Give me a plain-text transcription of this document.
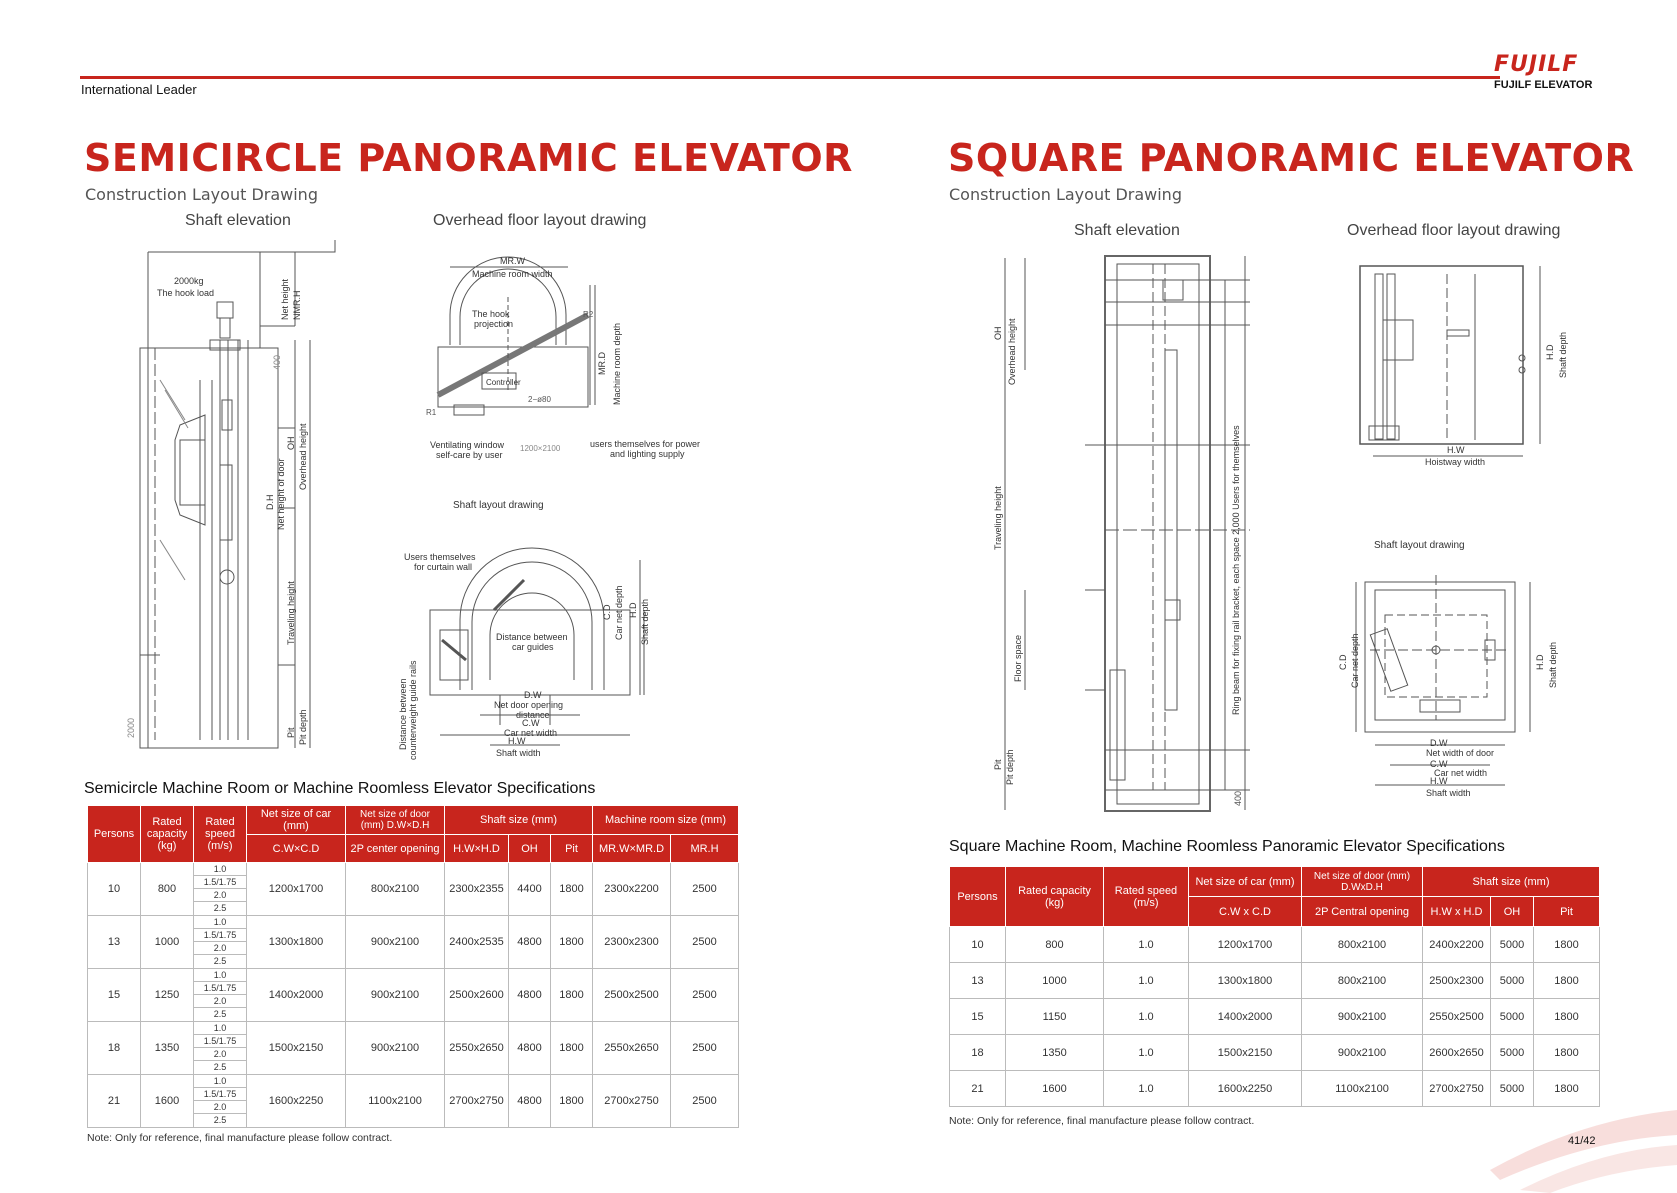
International Leader
FUJILF
FUJILF ELEVATOR
SEMICIRCLE PANORAMIC ELEVATOR
Construction Layout Drawing
Shaft elevation	Overhead floor layout drawing
Shaft layout drawing
2000kg
The hook load	Net height NMR.H
400
OH Overhead height
D.H Net height of door
Traveling height
Pit Pit depth
2000
MR.W
Machine room width
The hook
projection
R2
R1
2−ø80
Controller
MR.D Machine room depth
Ventilating window
self-care by user
1200×2100	users themselves for power
and lighting supply
Users themselves
for curtain wall
Distance between counterweight guide rails
Distance between
car guides
C.D Car net depth H.D Shaft depth
D.W
Net door opening
distance
C.W
Car net width
H.W
Shaft width
Semicircle Machine Room or Machine Roomless Elevator Specifications
Persons	Rated capacity (kg)	Rated speed (m/s)	Net size of car (mm)	Net size of door (mm) D.W×D.H	Shaft size (mm)			Machine room size (mm)	
			C.W×C.D	2P center opening	H.W×H.D	OH	Pit	MR.W×MR.D	MR.H
10	800	1.0
1.5/1.75
2.0
2.5	1200x1700	800x2100	2300x2355	4400	1800	2300x2200	2500
13	1000	1.0
1.5/1.75
2.0
2.5	1300x1800	900x2100	2400x2535	4800	1800	2300x2300	2500
15	1250	1.0
1.5/1.75
2.0
2.5	1400x2000	900x2100	2500x2600	4800	1800	2500x2500	2500
18	1350	1.0
1.5/1.75
2.0
2.5	1500x2150	900x2100	2550x2650	4800	1800	2550x2650	2500
21	1600	1.0
1.5/1.75
2.0
2.5	1600x2250	1100x2100	2700x2750	4800	1800	2700x2750	2500
Note: Only for reference, final manufacture please follow contract.
SQUARE PANORAMIC ELEVATOR
Construction Layout Drawing
Shaft elevation	Overhead floor layout drawing
Shaft layout drawing
OH Overhead height
Traveling height
Floor space
Pit Pit depth
Ring beam for fixing rail bracket, each space 2,000 Users for themselves
400
H.D Shaft depth
H.W
Hoistway width
C.D Car net depth	H.D Shaft depth
D.W
Net width of door
C.W
Car net width
H.W
Shaft width
Square Machine Room, Machine Roomless Panoramic Elevator Specifications
Persons	Rated capacity (kg)	Rated speed (m/s)	Net size of car (mm)	Net size of door (mm) D.WxD.H	Shaft size (mm)		
			C.W x C.D	2P Central opening	H.W x H.D	OH	Pit
10	800	1.0	1200x1700	800x2100	2400x2200	5000	1800
13	1000	1.0	1300x1800	800x2100	2500x2300	5000	1800
15	1150	1.0	1400x2000	900x2100	2550x2500	5000	1800
18	1350	1.0	1500x2150	900x2100	2600x2650	5000	1800
21	1600	1.0	1600x2250	1100x2100	2700x2750	5000	1800
Note: Only for reference, final manufacture please follow contract.
41/42
